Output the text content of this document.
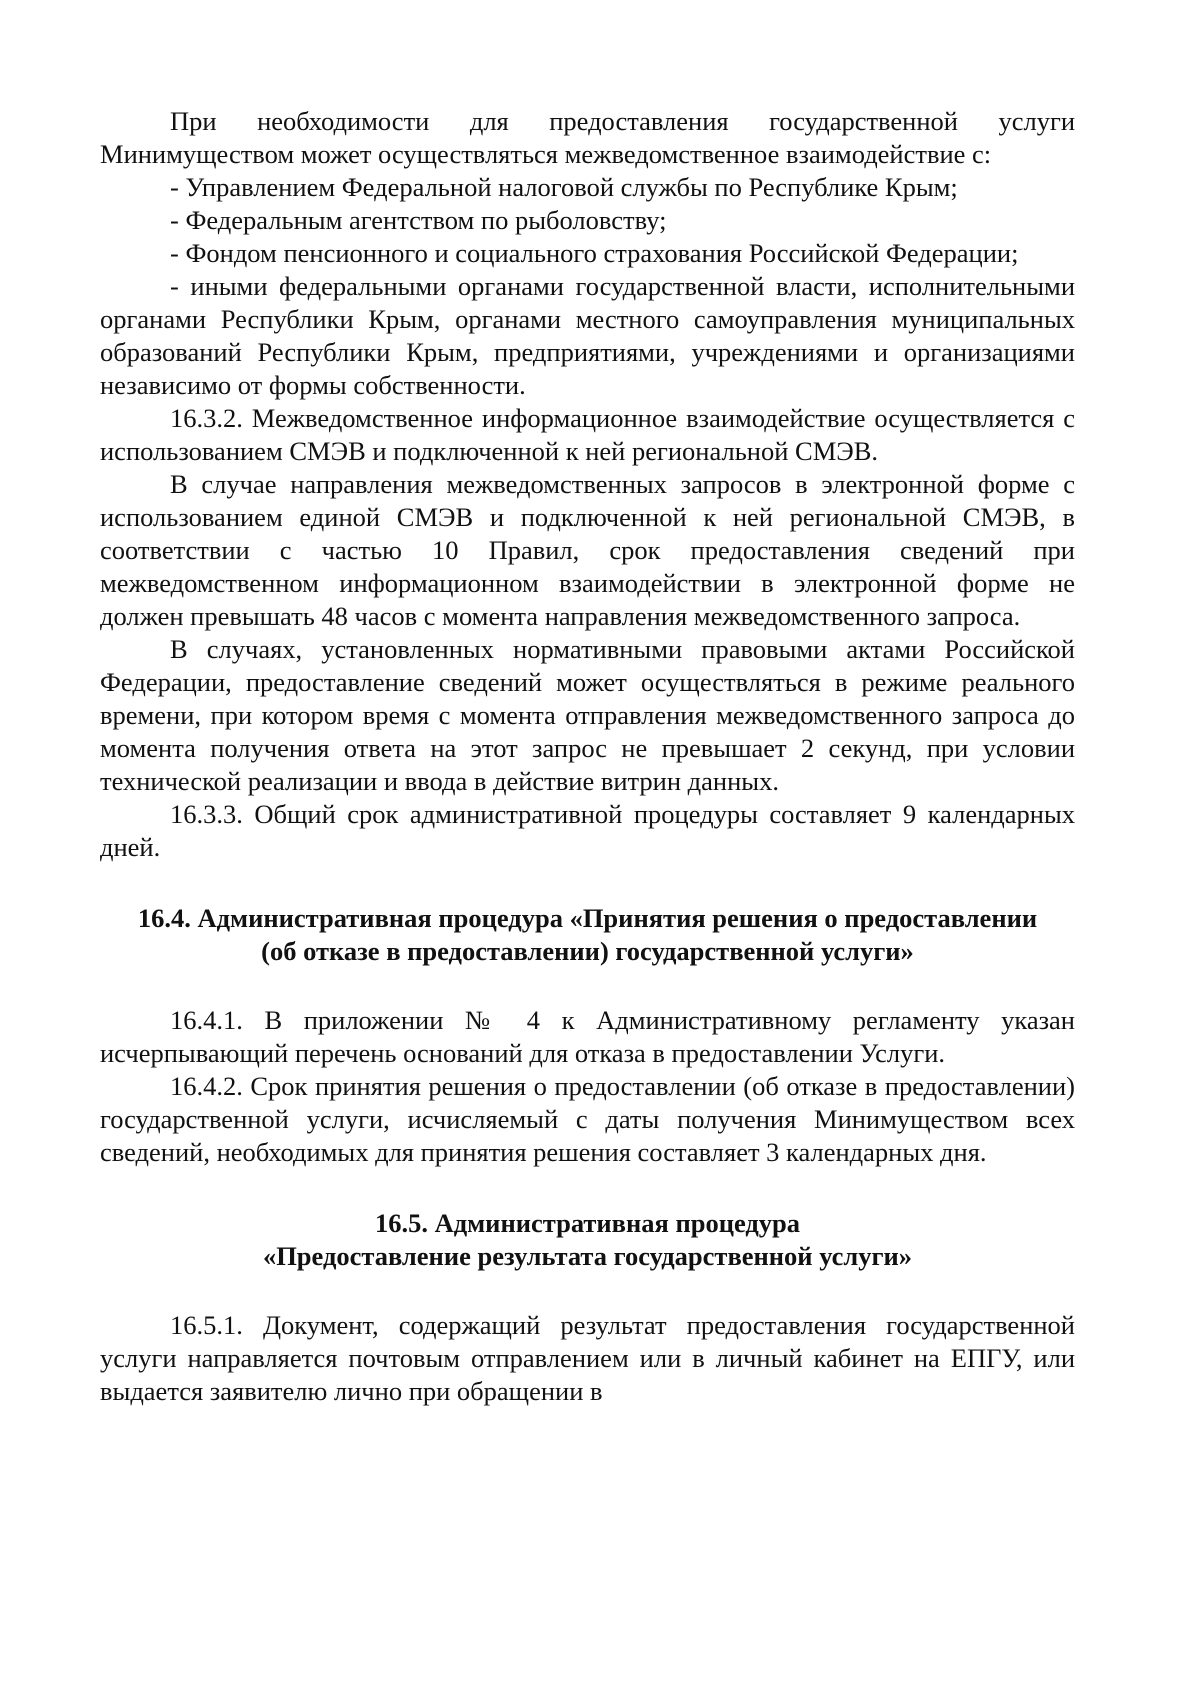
При необходимости для предоставления государственной услуги Минимуществом может осуществляться межведомственное взаимодействие с:

- Управлением Федеральной налоговой службы по Республике Крым;

- Федеральным агентством по рыболовству;

- Фондом пенсионного и социального страхования Российской Федерации;

- иными федеральными органами государственной власти, исполнительными органами Республики Крым, органами местного самоуправления муниципальных образований Республики Крым, предприятиями, учреждениями и организациями независимо от формы собственности.

16.3.2. Межведомственное информационное взаимодействие осуществляется с использованием СМЭВ и подключенной к ней региональной СМЭВ.

В случае направления межведомственных запросов в электронной форме с использованием единой СМЭВ и подключенной к ней региональной СМЭВ, в соответствии с частью 10 Правил, срок предоставления сведений при межведомственном информационном взаимодействии в электронной форме не должен превышать 48 часов с момента направления межведомственного запроса.

В случаях, установленных нормативными правовыми актами Российской Федерации, предоставление сведений может осуществляться в режиме реального времени, при котором время с момента отправления межведомственного запроса до момента получения ответа на этот запрос не превышает 2 секунд, при условии технической реализации и ввода в действие витрин данных.

16.3.3. Общий срок административной процедуры составляет 9 календарных дней.

16.4. Административная процедура «Принятия решения о предоставлении

(об отказе в предоставлении) государственной услуги»

16.4.1. В приложении № 4 к Административному регламенту указан исчерпывающий перечень оснований для отказа в предоставлении Услуги.

16.4.2. Срок принятия решения о предоставлении (об отказе в предоставлении) государственной услуги, исчисляемый с даты получения Минимуществом всех сведений, необходимых для принятия решения составляет 3 календарных дня.

16.5. Административная процедура

«Предоставление результата государственной услуги»

16.5.1. Документ, содержащий результат предоставления государственной услуги направляется почтовым отправлением или в личный кабинет на ЕПГУ, или выдается заявителю лично при обращении в
